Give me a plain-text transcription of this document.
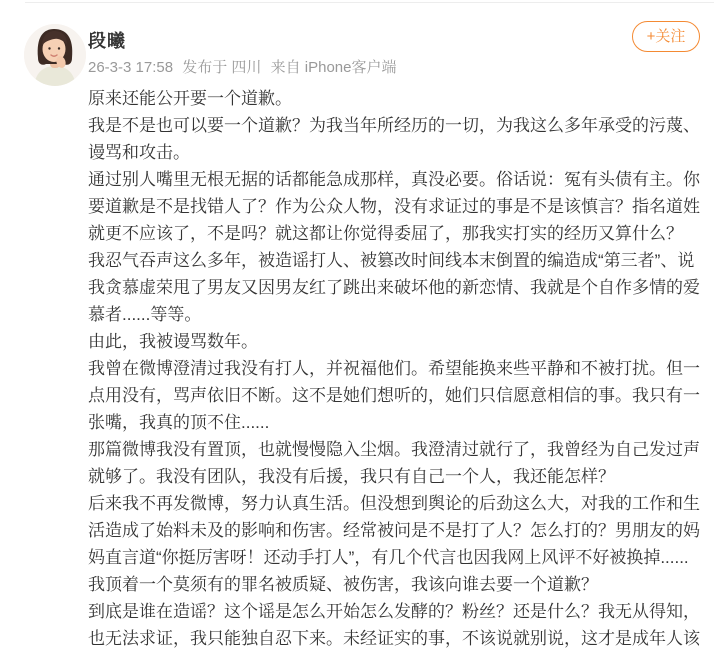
段曦
26-3-3 17:58 发布于 四川 来自 iPhone客户端
+关注

原来还能公开要一个道歉。

我是不是也可以要一个道歉？为我当年所经历的一切，为我这么多年承受的污蔑、谩骂和攻击。

通过别人嘴里无根无据的话都能急成那样，真没必要。俗话说：冤有头债有主。你要道歉是不是找错人了？作为公众人物，没有求证过的事是不是该慎言？指名道姓就更不应该了，不是吗？就这都让你觉得委屈了，那我实打实的经历又算什么？

我忍气吞声这么多年，被造谣打人、被篡改时间线本末倒置的编造成“第三者”、说我贪慕虚荣甩了男友又因男友红了跳出来破坏他的新恋情、我就是个自作多情的爱慕者......等等。

由此，我被谩骂数年。

我曾在微博澄清过我没有打人，并祝福他们。希望能换来些平静和不被打扰。但一点用没有，骂声依旧不断。这不是她们想听的，她们只信愿意相信的事。我只有一张嘴，我真的顶不住......

那篇微博我没有置顶，也就慢慢隐入尘烟。我澄清过就行了，我曾经为自己发过声就够了。我没有团队，我没有后援，我只有自己一个人，我还能怎样？

后来我不再发微博，努力认真生活。但没想到舆论的后劲这么大，对我的工作和生活造成了始料未及的影响和伤害。经常被问是不是打了人？怎么打的？男朋友的妈妈直言道“你挺厉害呀！还动手打人”，有几个代言也因我网上风评不好被换掉......

我顶着一个莫须有的罪名被质疑、被伤害，我该向谁去要一个道歉？

到底是谁在造谣？这个谣是怎么开始怎么发酵的？粉丝？还是什么？我无从得知，也无法求证，我只能独自忍下来。未经证实的事，不该说就别说，这才是成年人该
